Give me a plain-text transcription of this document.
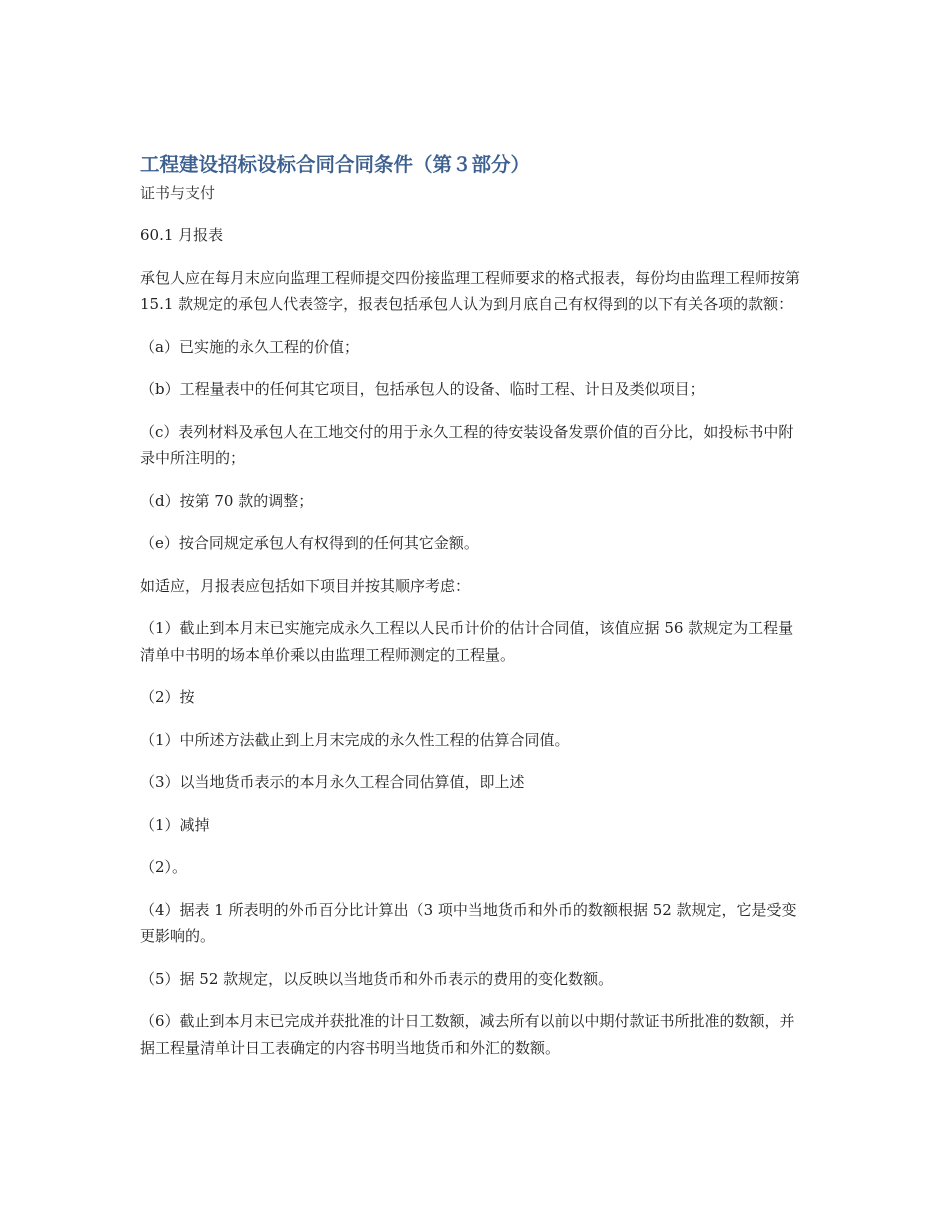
工程建设招标设标合同合同条件（第３部分）

证书与支付

60.1 月报表

承包人应在每月末应向监理工程师提交四份接监理工程师要求的格式报表，每份均由监理工程师按第 15.1 款规定的承包人代表签字，报表包括承包人认为到月底自己有权得到的以下有关各项的款额：

（a）已实施的永久工程的价值；

（b）工程量表中的任何其它项目，包括承包人的设备、临时工程、计日及类似项目；

（c）表列材料及承包人在工地交付的用于永久工程的待安装设备发票价值的百分比，如投标书中附录中所注明的；

（d）按第 70 款的调整；

（e）按合同规定承包人有权得到的任何其它金额。

如适应，月报表应包括如下项目并按其顺序考虑：

（1）截止到本月末已实施完成永久工程以人民币计价的估计合同值，该值应据 56 款规定为工程量清单中书明的场本单价乘以由监理工程师测定的工程量。

（2）按

（1）中所述方法截止到上月末完成的永久性工程的估算合同值。

（3）以当地货币表示的本月永久工程合同估算值，即上述

（1）减掉

（2）。

（4）据表 1 所表明的外币百分比计算出（3 项中当地货币和外币的数额根据 52 款规定，它是受变更影响的。

（5）据 52 款规定，以反映以当地货币和外币表示的费用的变化数额。

（6）截止到本月末已完成并获批准的计日工数额，减去所有以前以中期付款证书所批准的数额，并据工程量清单计日工表确定的内容书明当地货币和外汇的数额。
